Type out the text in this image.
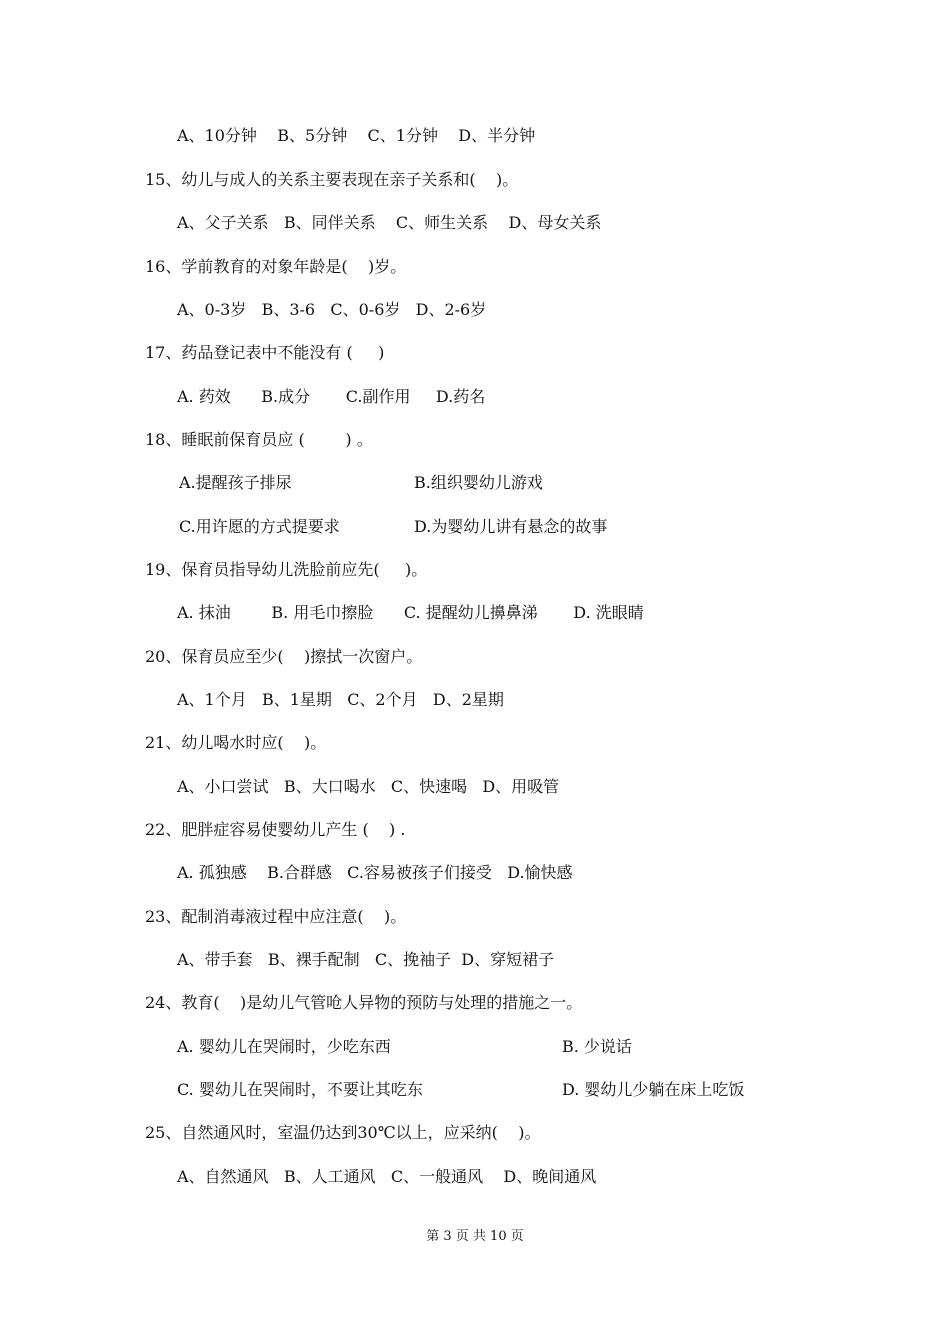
A、10分钟    B、5分钟    C、1分钟    D、半分钟
15、幼儿与成人的关系主要表现在亲子关系和(    )。
A、父子关系   B、同伴关系    C、师生关系    D、母女关系
16、学前教育的对象年龄是(    )岁。
A、0-3岁   B、3-6   C、0-6岁   D、2-6岁
17、药品登记表中不能没有 (     )
A. 药效      B.成分       C.副作用     D.药名
18、睡眠前保育员应 (        ) 。
A.提醒孩子排尿	B.组织婴幼儿游戏
C.用许愿的方式提要求	D.为婴幼儿讲有悬念的故事
19、保育员指导幼儿洗脸前应先(     )。
A. 抹油        B. 用毛巾擦脸      C. 提醒幼儿擤鼻涕       D. 洗眼睛
20、保育员应至少(    )擦拭一次窗户。
A、1个月   B、1星期   C、2个月   D、2星期
21、幼儿喝水时应(    )。
A、小口尝试   B、大口喝水   C、快速喝   D、用吸管
22、肥胖症容易使婴幼儿产生 (    ) .
A. 孤独感    B.合群感   C.容易被孩子们接受   D.愉快感
23、配制消毒液过程中应注意(    )。
A、带手套   B、裸手配制   C、挽袖子  D、穿短裙子
24、教育(    )是幼儿气管呛人异物的预防与处理的措施之一。
A. 婴幼儿在哭闹时，少吃东西	B. 少说话
C. 婴幼儿在哭闹时，不要让其吃东	D. 婴幼儿少躺在床上吃饭
25、自然通风时，室温仍达到30℃以上，应采纳(    )。
A、自然通风   B、人工通风   C、一般通风    D、晚间通风
第 3 页 共 10 页
